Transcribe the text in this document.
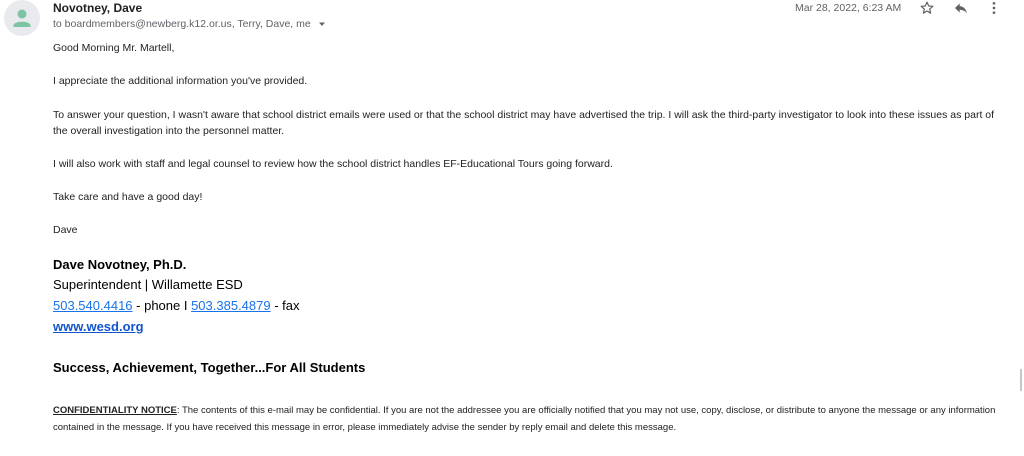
Novotney, Dave
to boardmembers@newberg.k12.or.us, Terry, Dave, me
Mar 28, 2022, 6:23 AM
Good Morning Mr. Martell,
I appreciate the additional information you've provided.
To answer your question, I wasn't aware that school district emails were used or that the school district may have advertised the trip. I will ask the third-party investigator to look into these issues as part of the overall investigation into the personnel matter.
I will also work with staff and legal counsel to review how the school district handles EF-Educational Tours going forward.
Take care and have a good day!
Dave
Dave Novotney, Ph.D.
Superintendent | Willamette ESD
503.540.4416 - phone I 503.385.4879 - fax
www.wesd.org
Success, Achievement, Together...For All Students
CONFIDENTIALITY NOTICE: The contents of this e-mail may be confidential. If you are not the addressee you are officially notified that you may not use, copy, disclose, or distribute to anyone the message or any information contained in the message. If you have received this message in error, please immediately advise the sender by reply email and delete this message.
